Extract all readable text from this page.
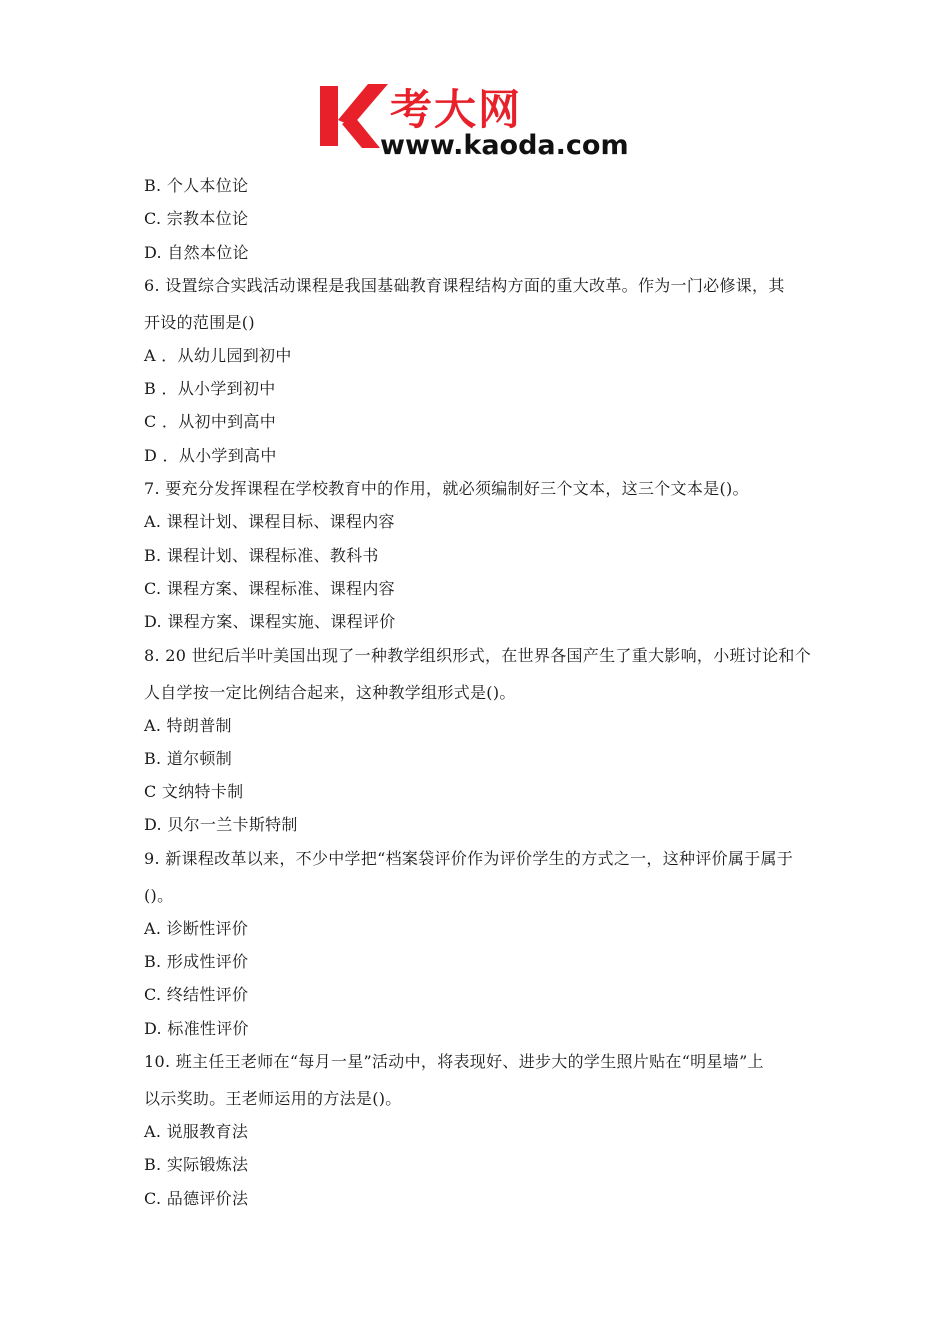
考大网
www.kaoda.com
B. 个人本位论
C. 宗教本位论
D. 自然本位论
6. 设置综合实践活动课程是我国基础教育课程结构方面的重大改革。作为一门必修课，其
开设的范围是()
A ．从幼儿园到初中
B ．从小学到初中
C ．从初中到高中
D ．从小学到高中
7. 要充分发挥课程在学校教育中的作用，就必须编制好三个文本，这三个文本是()。
A. 课程计划、课程目标、课程内容
B. 课程计划、课程标准、教科书
C. 课程方案、课程标准、课程内容
D. 课程方案、课程实施、课程评价
8. 20 世纪后半叶美国出现了一种教学组织形式，在世界各国产生了重大影响，小班讨论和个
人自学按一定比例结合起来，这种教学组形式是()。
A. 特朗普制
B. 道尔顿制
C 文纳特卡制
D. 贝尔一兰卡斯特制
9. 新课程改革以来，不少中学把“档案袋评价作为评价学生的方式之一，这种评价属于属于
()。
A. 诊断性评价
B. 形成性评价
C. 终结性评价
D. 标准性评价
10. 班主任王老师在“每月一星”活动中，将表现好、进步大的学生照片贴在“明星墙”上
以示奖助。王老师运用的方法是()。
A. 说服教育法
B. 实际锻炼法
C. 品德评价法
